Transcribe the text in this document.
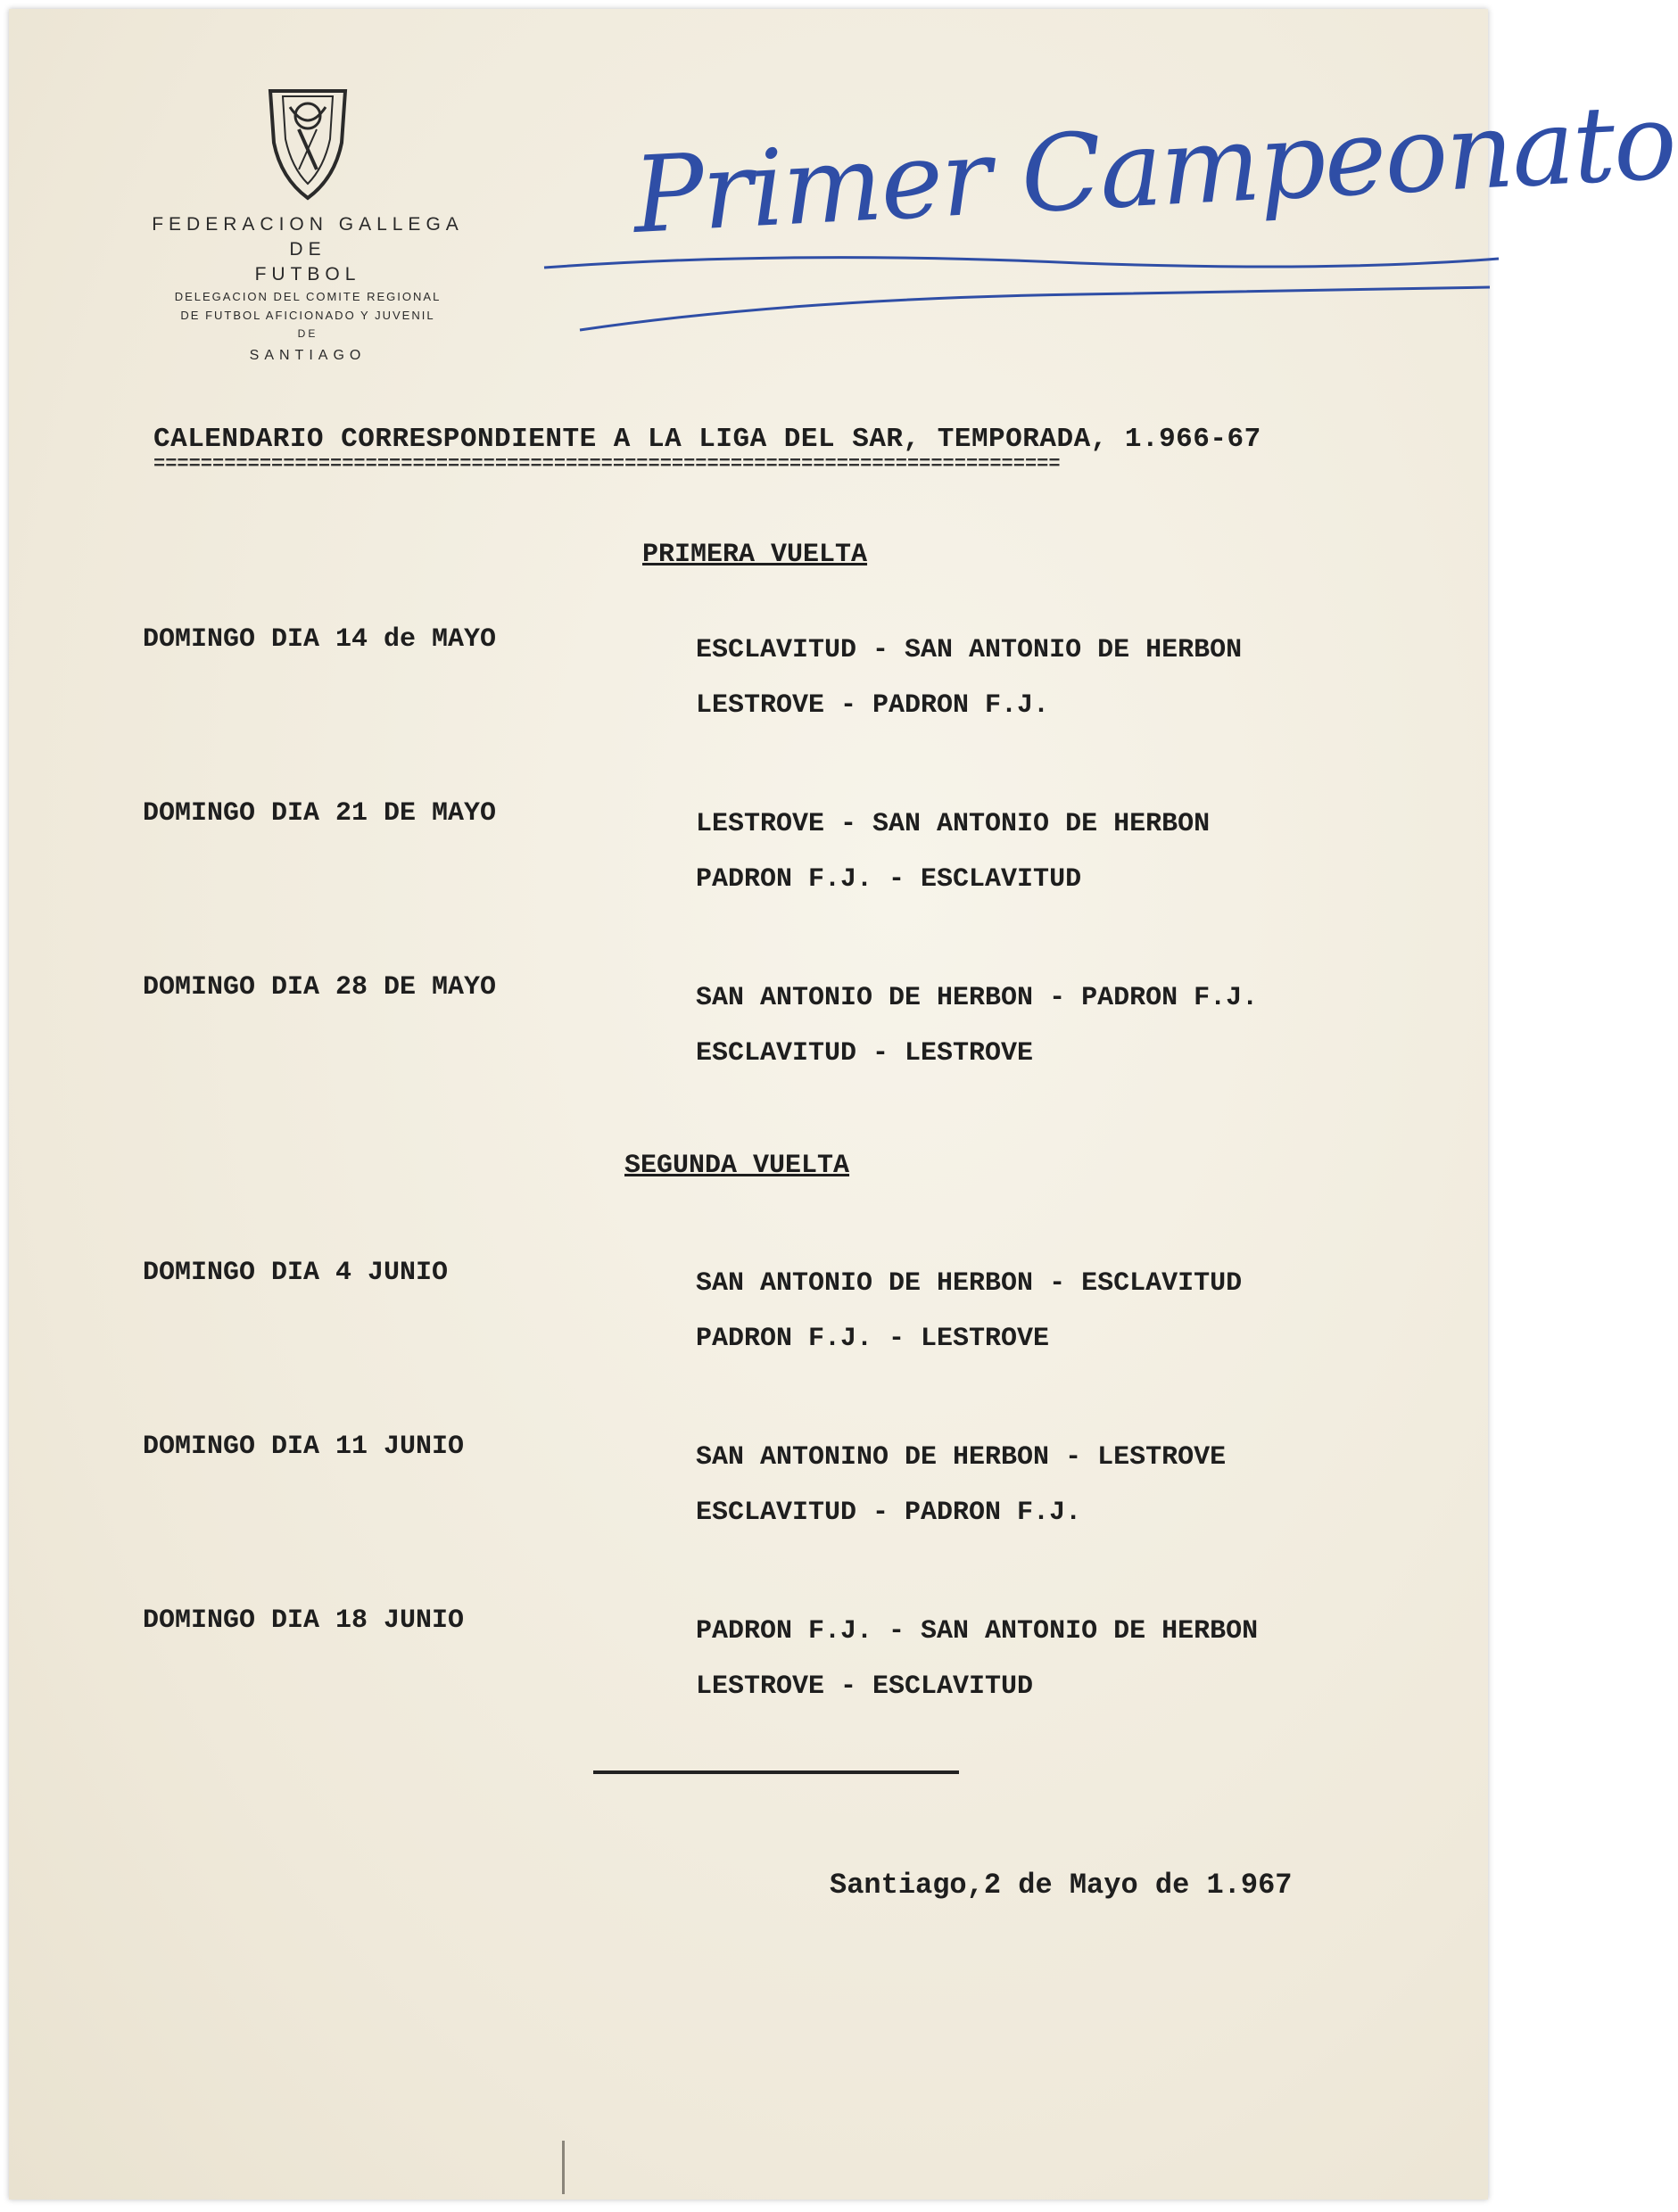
FEDERACION GALLEGA
DE
FUTBOL
DELEGACION DEL COMITE REGIONAL
DE FUTBOL AFICIONADO Y JUVENIL
DE
SANTIAGO
Primer Campeonato
CALENDARIO CORRESPONDIENTE A LA LIGA DEL SAR, TEMPORADA, 1.966-67
=============================================================================
PRIMERA VUELTA
DOMINGO DIA 14 de MAYO	ESCLAVITUD - SAN ANTONIO DE HERBON
LESTROVE - PADRON F.J.
DOMINGO DIA 21 DE MAYO	LESTROVE - SAN ANTONIO DE HERBON
PADRON F.J. - ESCLAVITUD
DOMINGO DIA 28 DE MAYO	SAN ANTONIO DE HERBON - PADRON F.J.
ESCLAVITUD - LESTROVE
SEGUNDA VUELTA
DOMINGO DIA 4 JUNIO	SAN ANTONIO DE HERBON - ESCLAVITUD
PADRON F.J. - LESTROVE
DOMINGO DIA 11 JUNIO	SAN ANTONINO DE HERBON - LESTROVE
ESCLAVITUD - PADRON F.J.
DOMINGO DIA 18 JUNIO	PADRON F.J. - SAN ANTONIO DE HERBON
LESTROVE - ESCLAVITUD
Santiago,2 de Mayo de 1.967
